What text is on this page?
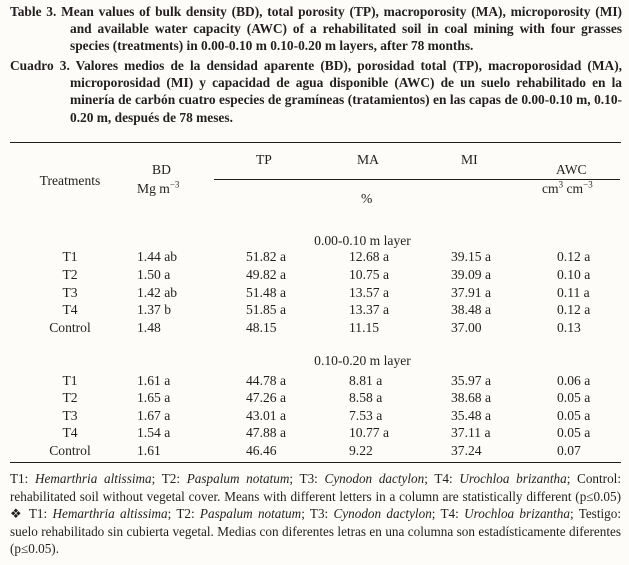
Table 3. Mean values of bulk density (BD), total porosity (TP), macroporosity (MA), microporosity (MI) and available water capacity (AWC) of a rehabilitated soil in coal mining with four grasses species (treatments) in 0.00-0.10 m 0.10-0.20 m layers, after 78 months.
Cuadro 3. Valores medios de la densidad aparente (BD), porosidad total (TP), macroporosidad (MA), microporosidad (MI) y capacidad de agua disponible (AWC) de un suelo rehabilitado en la minería de carbón cuatro especies de gramíneas (tratamientos) en las capas de 0.00-0.10 m, 0.10-0.20 m, después de 78 meses.
Treatments
BD
Mg $m^{-3}$
TP	MA	MI
%
AWC
$cm^3$ $cm^{-3}$
0.00-0.10 m layer
T1	1.44 ab	51.82 a	12.68 a	39.15 a	0.12 a
T2	1.50 a	49.82 a	10.75 a	39.09 a	0.10 a
T3	1.42 ab	51.48 a	13.57 a	37.91 a	0.11 a
T4	1.37 b	51.85 a	13.37 a	38.48 a	0.12 a
Control	1.48	48.15	11.15	37.00	0.13
0.10-0.20 m layer
T1	1.61 a	44.78 a	8.81 a	35.97 a	0.06 a
T2	1.65 a	47.26 a	8.58 a	38.68 a	0.05 a
T3	1.67 a	43.01 a	7.53 a	35.48 a	0.05 a
T4	1.54 a	47.88 a	10.77 a	37.11 a	0.05 a
Control	1.61	46.46	9.22	37.24	0.07
T1: Hemarthria altissima; T2: Paspalum notatum; T3: Cynodon dactylon; T4: Urochloa brizantha; Control: rehabilitated soil without vegetal cover. Means with different letters in a column are statistically different (p≤0.05) ❖ T1: Hemarthria altissima; T2: Paspalum notatum; T3: Cynodon dactylon; T4: Urochloa brizantha; Testigo: suelo rehabilitado sin cubierta vegetal. Medias con diferentes letras en una columna son estadísticamente diferentes (p≤0.05).
